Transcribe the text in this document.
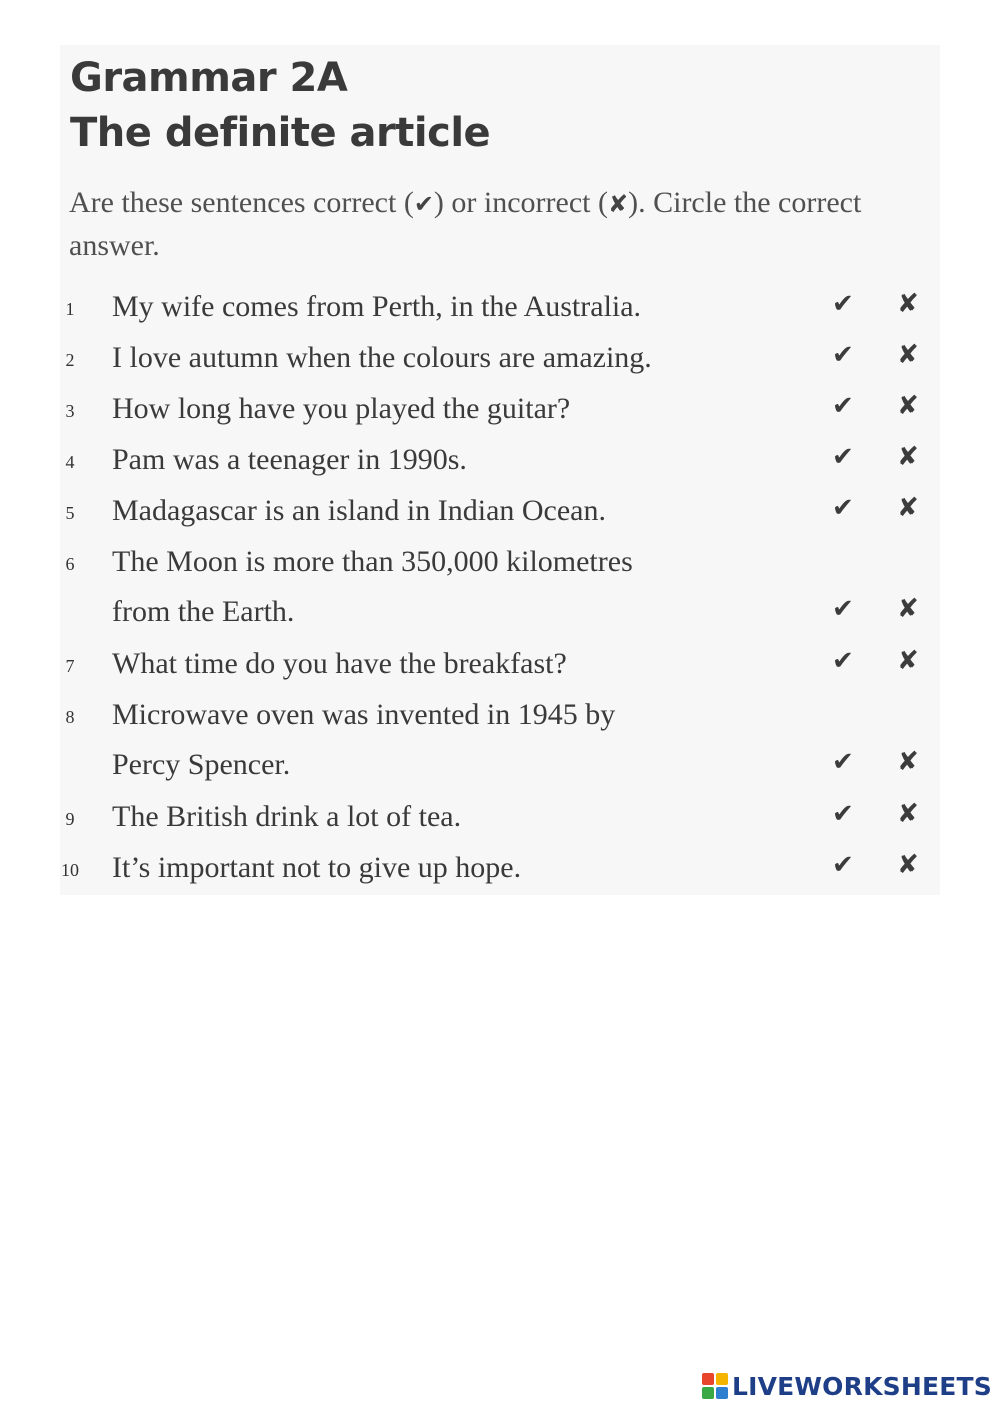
Grammar 2A
The definite article
Are these sentences correct (✔) or incorrect (✘). Circle the correct answer.
1 My wife comes from Perth, in the Australia.	✔ ✘
2 I love autumn when the colours are amazing.	✔ ✘
3 How long have you played the guitar?	✔ ✘
4 Pam was a teenager in 1990s.	✔ ✘
5 Madagascar is an island in Indian Ocean.	✔ ✘
6 The Moon is more than 350,000 kilometres
from the Earth.	✔ ✘
7 What time do you have the breakfast?	✔ ✘
8 Microwave oven was invented in 1945 by
Percy Spencer.	✔ ✘
9 The British drink a lot of tea.	✔ ✘
10 It’s important not to give up hope.	✔ ✘
LIVEWORKSHEETS
